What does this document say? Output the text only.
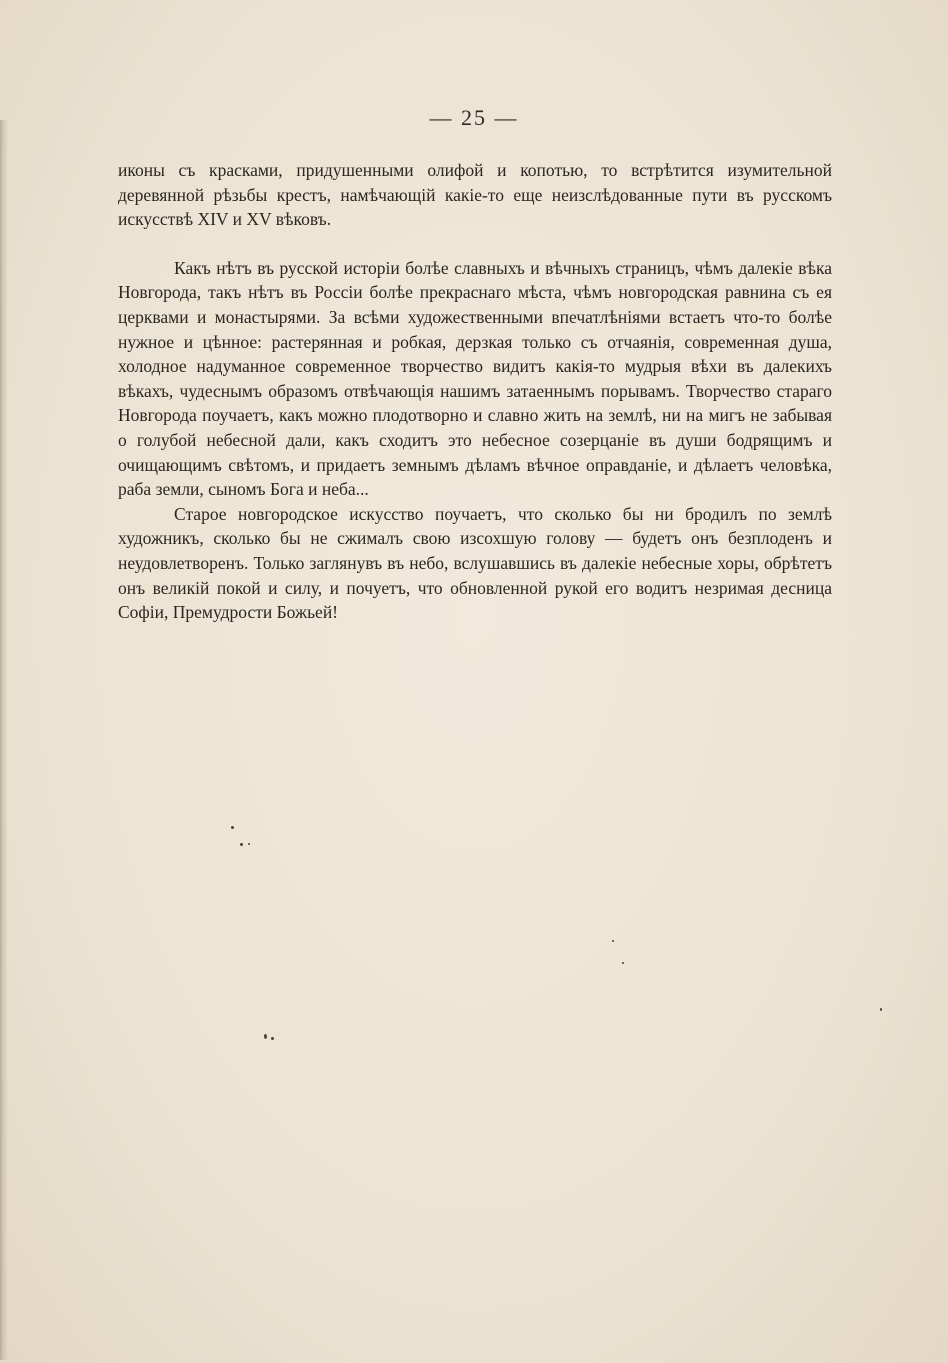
— 25 —

иконы съ красками, придушенными олифой и копотью, то встрѣтится изумительной деревянной рѣзьбы крестъ, намѣчающій какіе-то еще неизслѣдованные пути въ русскомъ искусствѣ XIV и XV вѣковъ.

Какъ нѣтъ въ русской исторіи болѣе славныхъ и вѣчныхъ страницъ, чѣмъ далекіе вѣка Новгорода, такъ нѣтъ въ Россіи болѣе прекраснаго мѣста, чѣмъ новгородская равнина съ ея церквами и монастырями. За всѣми художественными впечатлѣніями встаетъ что-то болѣе нужное и цѣнное: растерянная и робкая, дерзкая только съ отчаянія, современная душа, холодное надуманное современное творчество видитъ какія-то мудрыя вѣхи въ далекихъ вѣкахъ, чудеснымъ образомъ отвѣчающія нашимъ затаеннымъ порывамъ. Творчество стараго Новгорода поучаетъ, какъ можно плодотворно и славно жить на землѣ, ни на мигъ не забывая о голубой небесной дали, какъ сходитъ это небесное созерцаніе въ души бодрящимъ и очищающимъ свѣтомъ, и придаетъ земнымъ дѣламъ вѣчное оправданіе, и дѣлаетъ человѣка, раба земли, сыномъ Бога и неба...

Старое новгородское искусство поучаетъ, что сколько бы ни бродилъ по землѣ художникъ, сколько бы не сжималъ свою изсохшую голову — будетъ онъ безплоденъ и неудовлетворенъ. Только заглянувъ въ небо, вслушавшись въ далекіе небесные хоры, обрѣтетъ онъ великій покой и силу, и почуетъ, что обновленной рукой его водитъ незримая десница Софіи, Премудрости Божьей!
